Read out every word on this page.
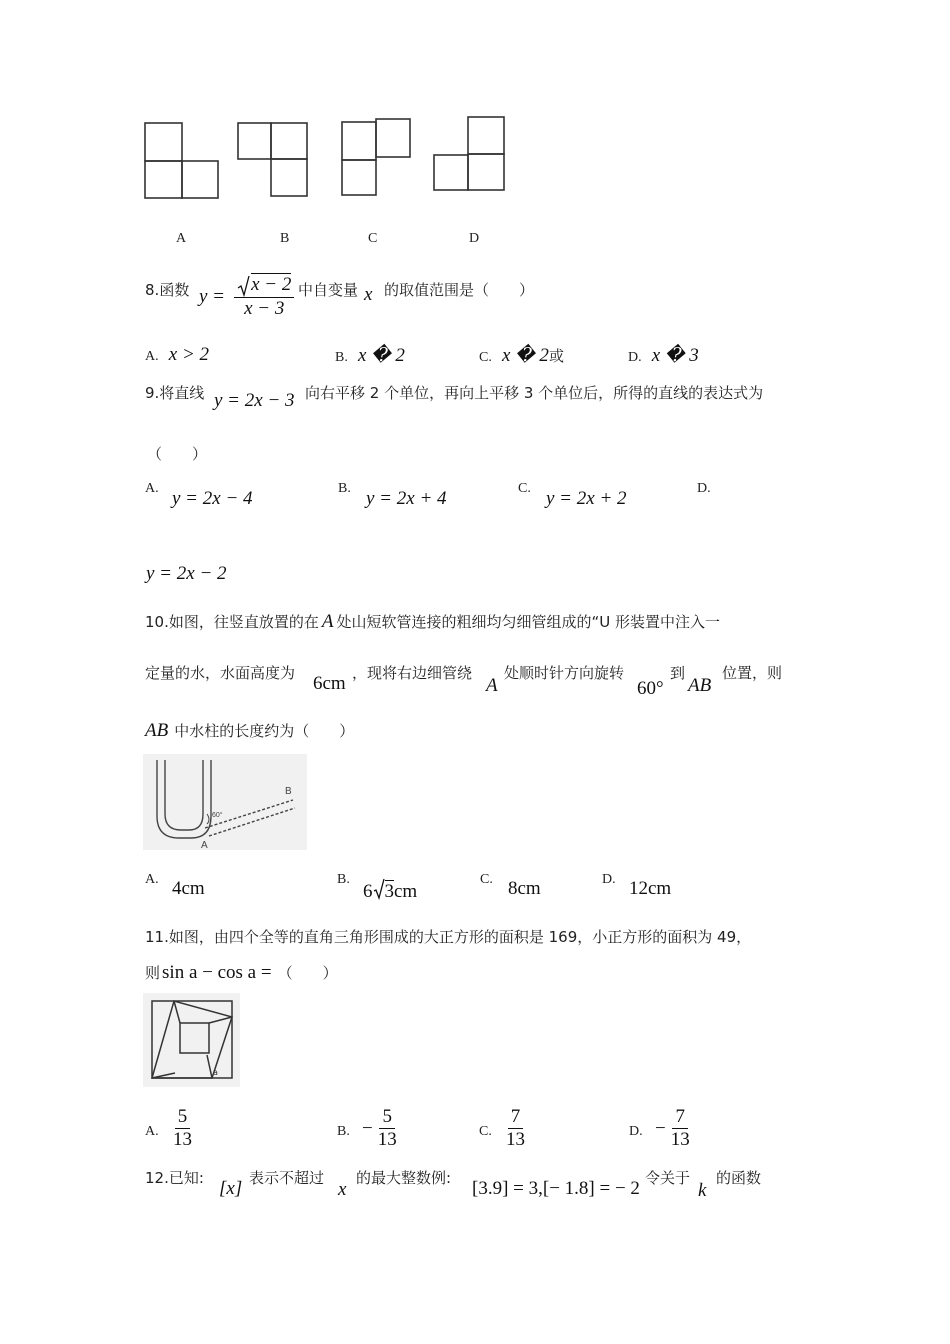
A	B	C	D
8.函数 $y = \frac{x - 2}{x - 3}$ 中自变量 x 的取值范围是（　　）
A. x > 2	B. x � 2	C. x � 2或	D. x � 3
9.将直线 y = 2x − 3 向右平移 2 个单位，再向上平移 3 个单位后，所得的直线的表达式为
（　　）
A. y = 2x − 4	B. y = 2x + 4	C. y = 2x + 2	D.
y = 2x − 2
10.如图，往竖直放置的在 A 处山短软管连接的粗细均匀细管组成的“U 形装置中注入一
定量的水，水面高度为 6cm ，现将右边细管绕
A
处顺时针方向旋转
60°
到
AB
位置，则
AB 中水柱的长度约为（　　）
60°
B
A
A. 4cm	B.
6 3cm
C. 8cm	D. 12cm
11.如图，由四个全等的直角三角形围成的大正方形的面积是 169，小正方形的面积为 49，
则 sin a − cos a = （　　）
a
A. $\frac{5}{13}$	B. − $\frac{5}{13}$	C. $\frac{7}{13}$	D. − $\frac{7}{13}$
12.已知: [x] 表示不超过
x
的最大整数例: [3.9] = 3,[− 1.8] = − 2 令关于
k
的函数
